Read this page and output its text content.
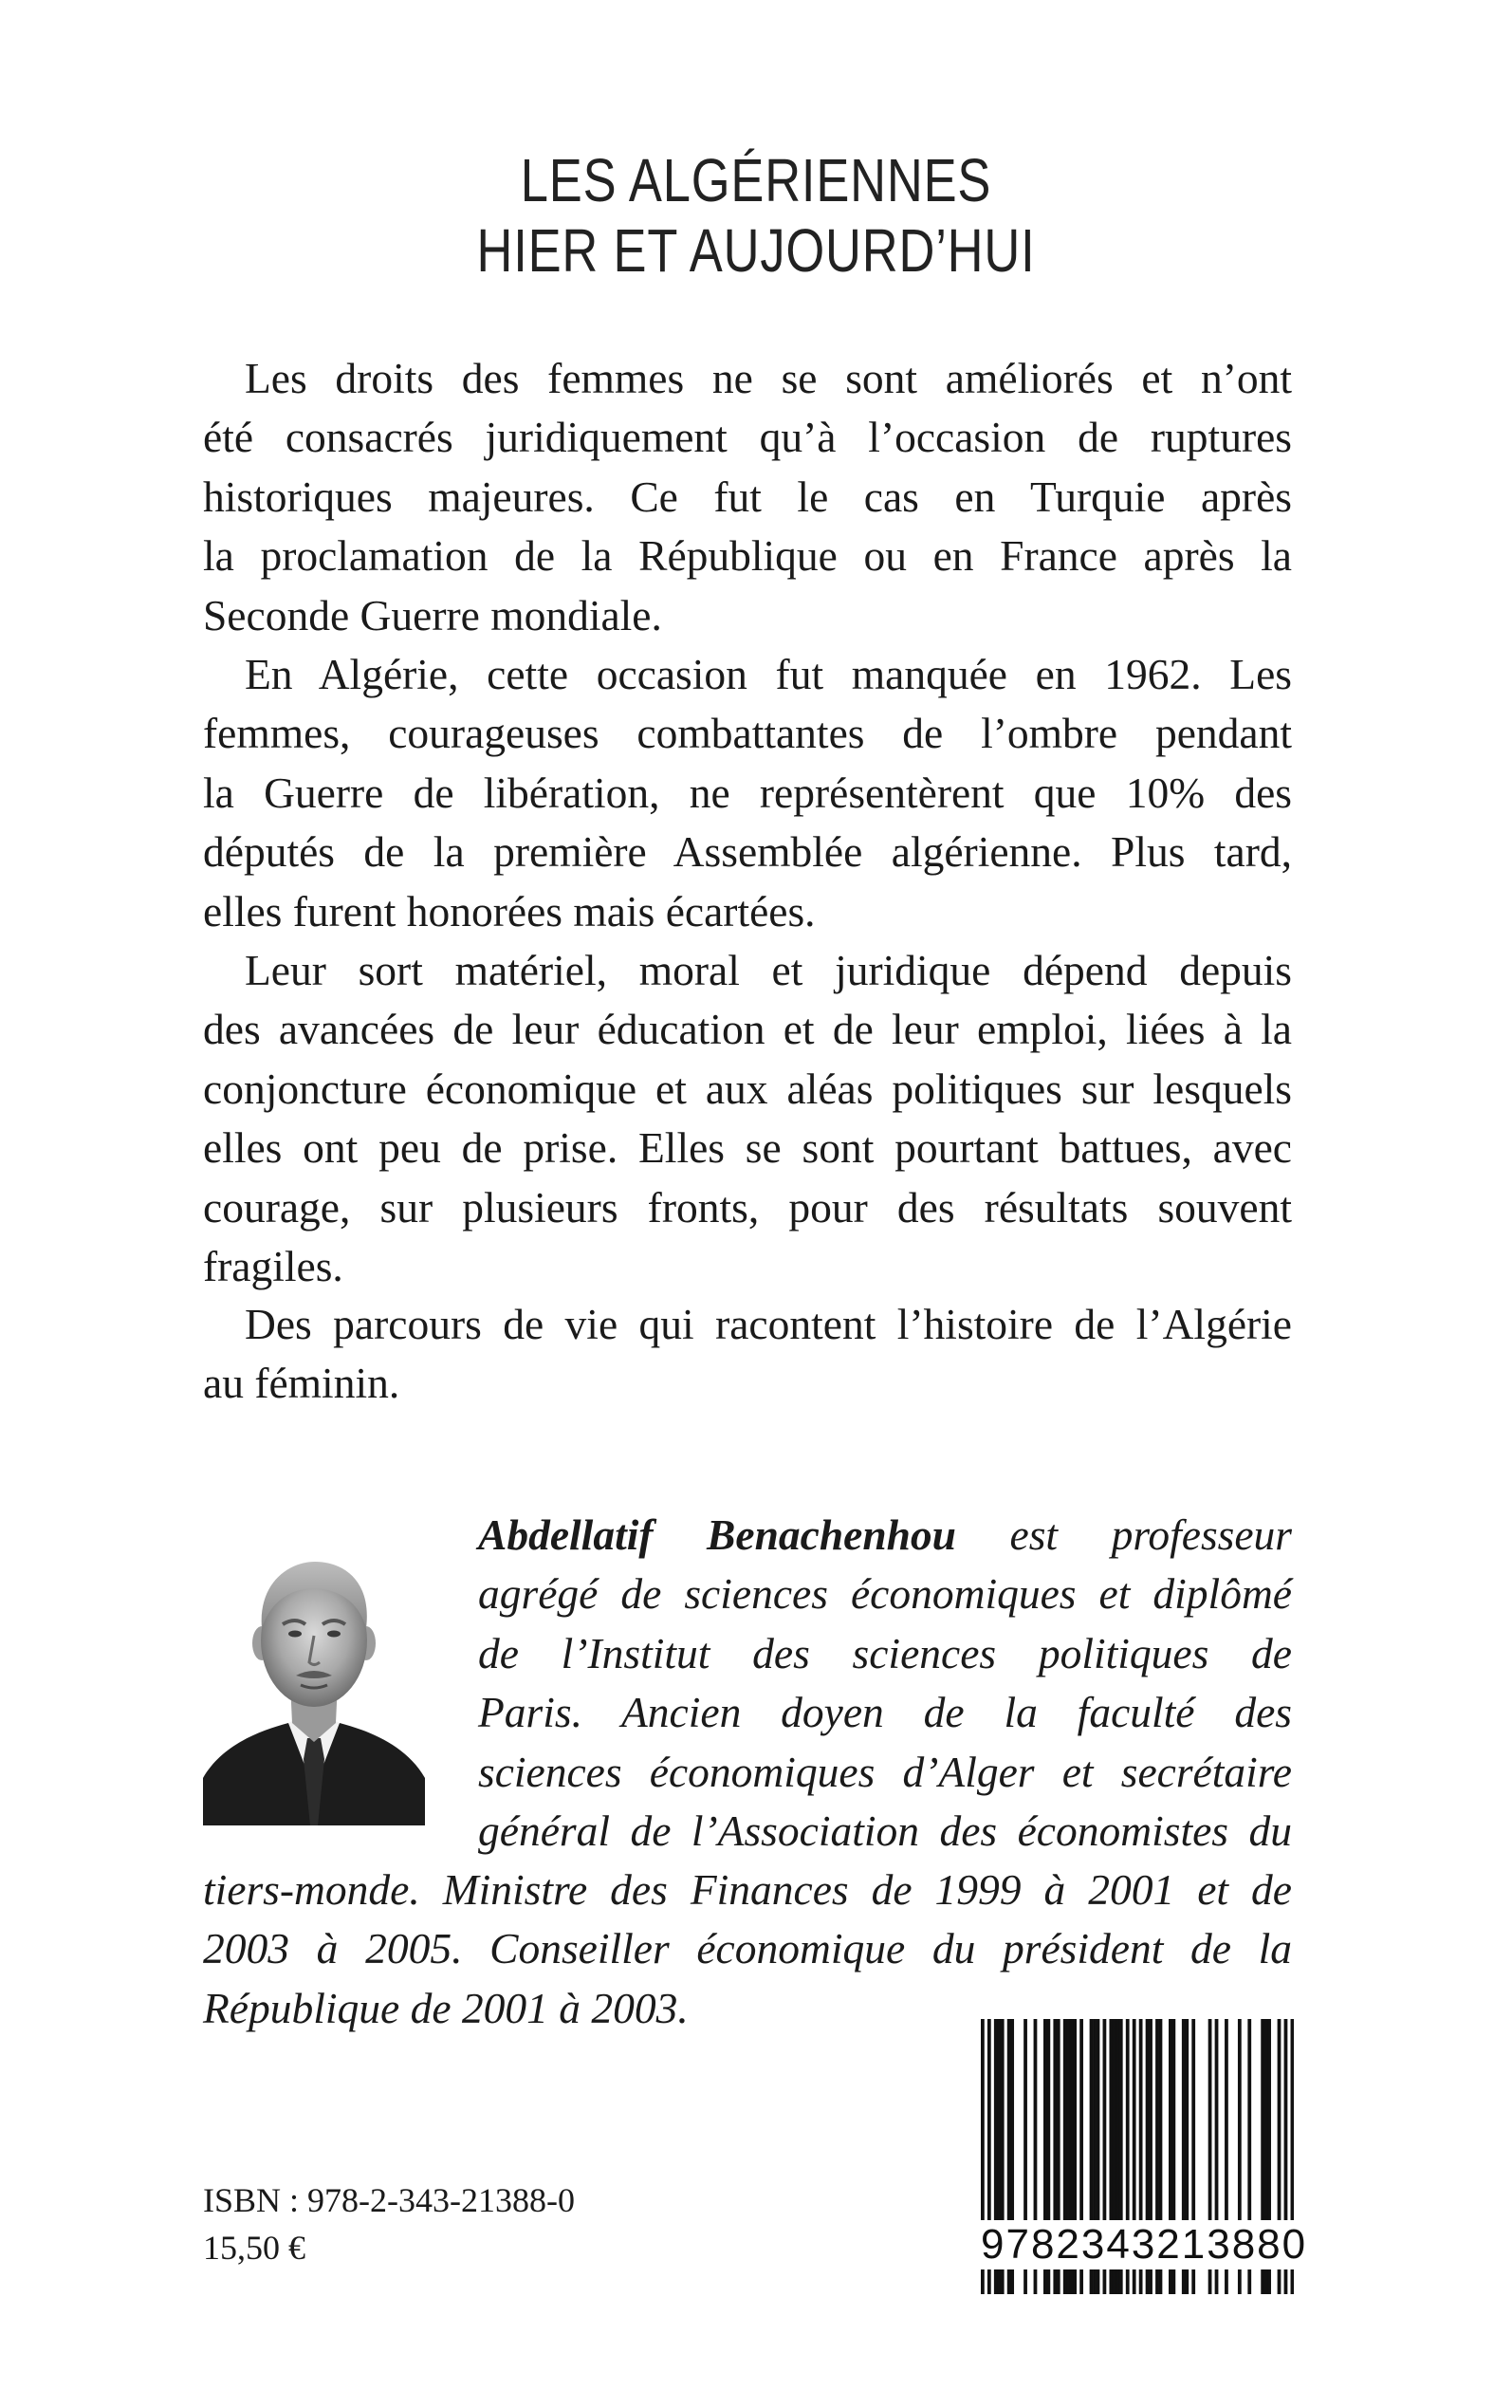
LES ALGÉRIENNES
HIER ET AUJOURD’HUI
Les droits des femmes ne se sont améliorés et n’ont
été consacrés juridiquement qu’à l’occasion de ruptures
historiques majeures. Ce fut le cas en Turquie après
la proclamation de la République ou en France après la
Seconde Guerre mondiale.
En Algérie, cette occasion fut manquée en 1962. Les
femmes, courageuses combattantes de l’ombre pendant
la Guerre de libération, ne représentèrent que 10% des
députés de la première Assemblée algérienne. Plus tard,
elles furent honorées mais écartées.
Leur sort matériel, moral et juridique dépend depuis
des avancées de leur éducation et de leur emploi, liées à la
conjoncture économique et aux aléas politiques sur lesquels
elles ont peu de prise. Elles se sont pourtant battues, avec
courage, sur plusieurs fronts, pour des résultats souvent
fragiles.
Des parcours de vie qui racontent l’histoire de l’Algérie
au féminin.
Abdellatif Benachenhou est professeur
agrégé de sciences économiques et diplômé
de l’Institut des sciences politiques de
Paris. Ancien doyen de la faculté des
sciences économiques d’Alger et secrétaire
général de l’Association des économistes du
tiers-monde. Ministre des Finances de 1999 à 2001 et de
2003 à 2005. Conseiller économique du président de la
République de 2001 à 2003.
ISBN : 978-2-343-21388-0
15,50 €	9782343213880
